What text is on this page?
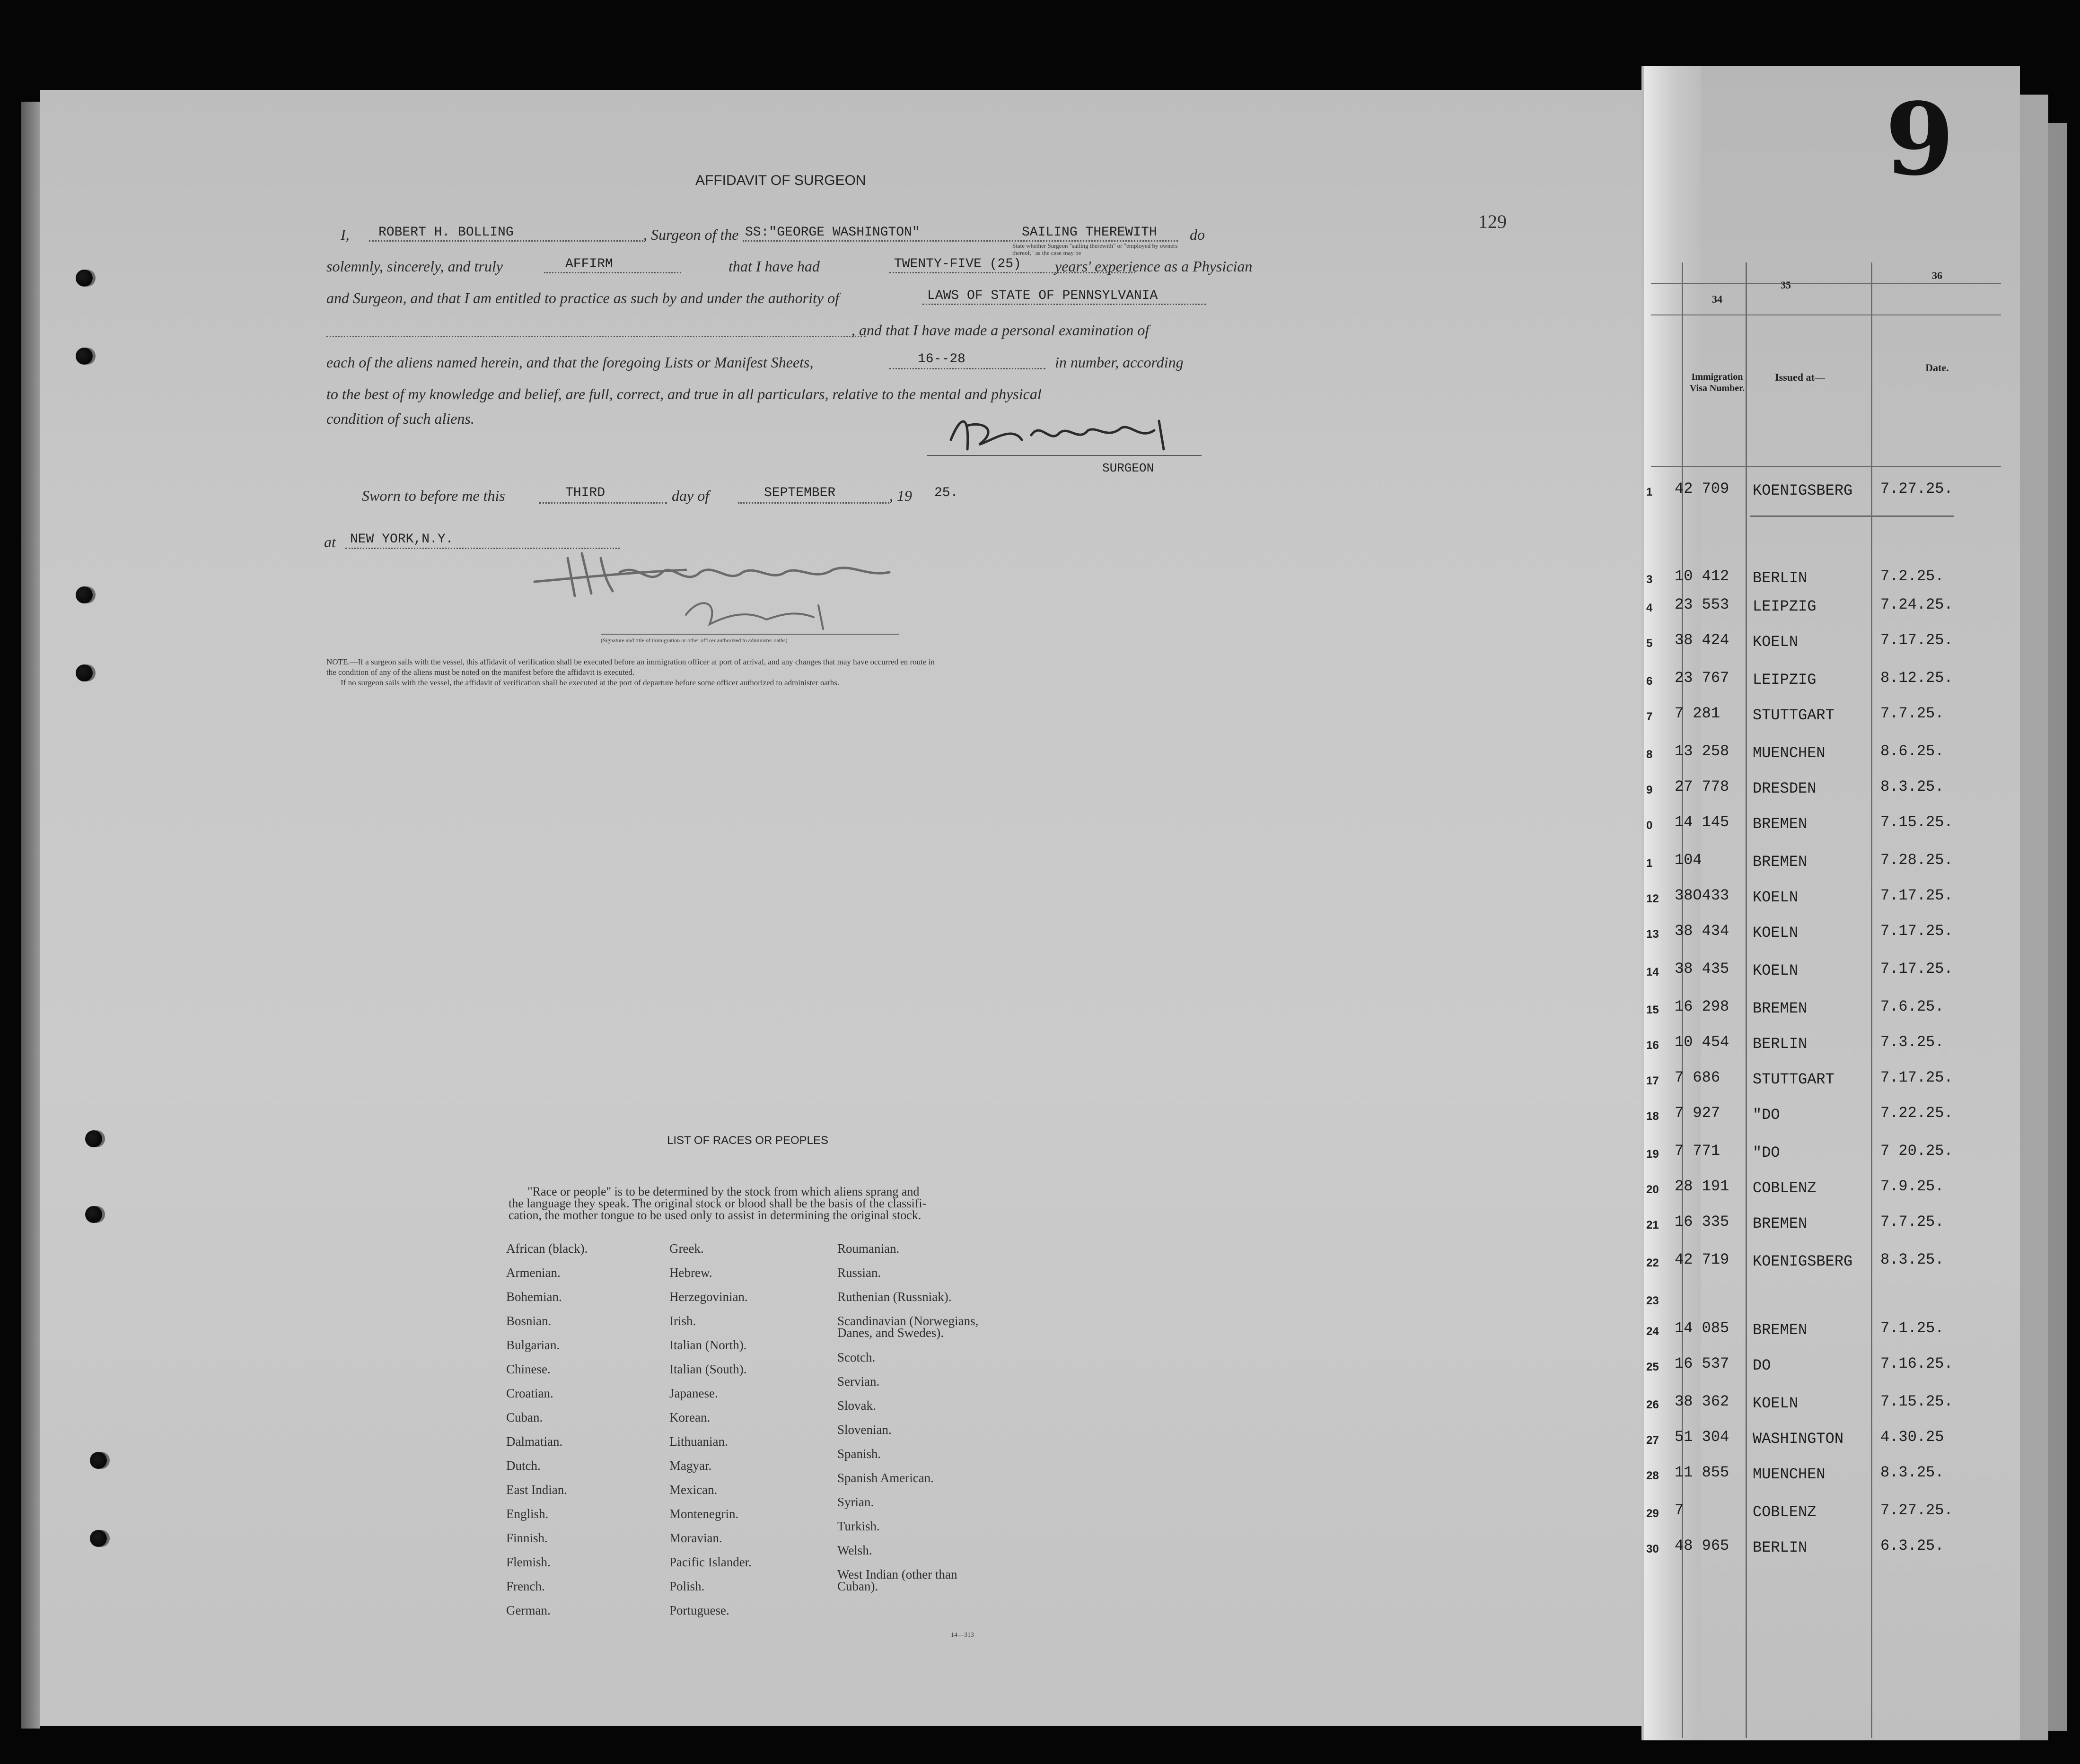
AFFIDAVIT OF SURGEON
I, ROBERT H. BOLLING	, Surgeon of the SS:"GEORGE WASHINGTON"	SAILING THEREWITH do
State whether Surgeon "sailing therewith" or "employed by owners thereof," as the case may be
solemnly, sincerely, and truly	AFFIRM	that I have had	TWENTY-FIVE (25) years' experience as a Physician
and Surgeon, and that I am entitled to practice as such by and under the authority of	LAWS OF STATE OF PENNSYLVANIA
, and that I have made a personal examination of
each of the aliens named herein, and that the foregoing Lists or Manifest Sheets,	16--28	in number, according
to the best of my knowledge and belief, are full, correct, and true in all particulars, relative to the mental and physical
condition of such aliens.
SURGEON
Sworn to before me this	THIRD	day of	SEPTEMBER	, 19 25.
at NEW YORK,N.Y.
(Signature and title of immigration or other officer authorized to administer oaths)
NOTE.—If a surgeon sails with the vessel, this affidavit of verification shall be executed before an immigration officer at port of arrival, and any changes that may have occurred en route in
the condition of any of the aliens must be noted on the manifest before the affidavit is executed.
If no surgeon sails with the vessel, the affidavit of verification shall be executed at the port of departure before some officer authorized to administer oaths.
LIST OF RACES OR PEOPLES
"Race or people" is to be determined by the stock from which aliens sprang and
the language they speak. The original stock or blood shall be the basis of the classifi-
cation, the mother tongue to be used only to assist in determining the original stock.
African (black).
Armenian.
Bohemian.
Bosnian.
Bulgarian.
Chinese.
Croatian.
Cuban.
Dalmatian.
Dutch.
East Indian.
English.
Finnish.
Flemish.
French.
German.
Greek.
Hebrew.
Herzegovinian.
Irish.
Italian (North).
Italian (South).
Japanese.
Korean.
Lithuanian.
Magyar.
Mexican.
Montenegrin.
Moravian.
Pacific Islander.
Polish.
Portuguese.
Roumanian.
Russian.
Ruthenian (Russniak).
Scandinavian (Norwegians,
Danes, and Swedes).
Scotch.
Servian.
Slovak.
Slovenian.
Spanish.
Spanish American.
Syrian.
Turkish.
Welsh.
West Indian (other than
Cuban).
14—313
9
129
34
35
36
Immigration Visa Number.
Issued at—
Date.
1 42 709 KOENIGSBERG 7.27.25.
3 10 412 BERLIN	7.2.25.
4 23 553 LEIPZIG	7.24.25.
5 38 424 KOELN	7.17.25.
6 23 767 LEIPZIG	8.12.25.
7 7 281 STUTTGART	7.7.25.
8 13 258 MUENCHEN	8.6.25.
9 27 778 DRESDEN	8.3.25.
0 14 145 BREMEN	7.15.25.
1 104	BREMEN	7.28.25.
12 38O433 KOELN	7.17.25.
13 38 434 KOELN	7.17.25.
14 38 435 KOELN	7.17.25.
15 16 298 BREMEN	7.6.25.
16 10 454 BERLIN	7.3.25.
17 7 686 STUTTGART	7.17.25.
18 7 927 "DO	7.22.25.
19 7 771 "DO	7 20.25.
20 28 191 COBLENZ	7.9.25.
21 16 335 BREMEN	7.7.25.
22 42 719 KOENIGSBERG 8.3.25.
23
24 14 085 BREMEN	7.1.25.
25 16 537 DO	7.16.25.
26 38 362 KOELN	7.15.25.
27 51 304 WASHINGTON 4.30.25
28 11 855 MUENCHEN	8.3.25.
29 7	COBLENZ	7.27.25.
30 48 965 BERLIN	6.3.25.
